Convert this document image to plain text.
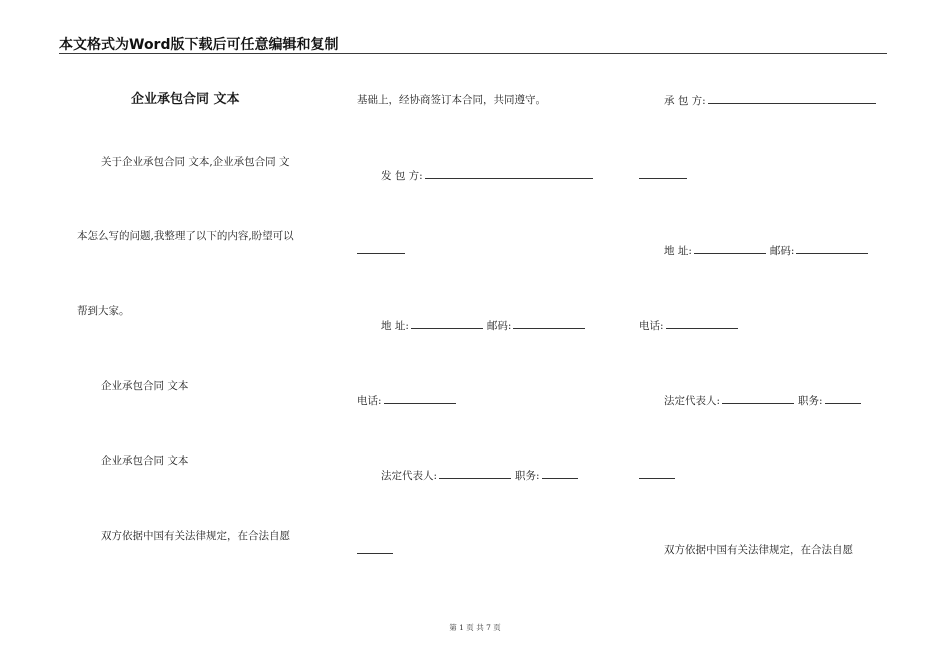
本文格式为Word版下载后可任意编辑和复制
企业承包合同 文本
关于企业承包合同 文本,企业承包合同 文
本怎么写的问题,我整理了以下的内容,盼望可以
帮到大家。
企业承包合同 文本
企业承包合同 文本
双方依据中国有关法律规定，在合法自愿
基础上，经协商签订本合同，共同遵守。
发 包 方:
地 址:	邮码:
电话:
法定代表人:	职务:
承 包 方:
地 址:	邮码:
电话:
法定代表人:	职务:
双方依据中国有关法律规定，在合法自愿
第 1 页 共 7 页
